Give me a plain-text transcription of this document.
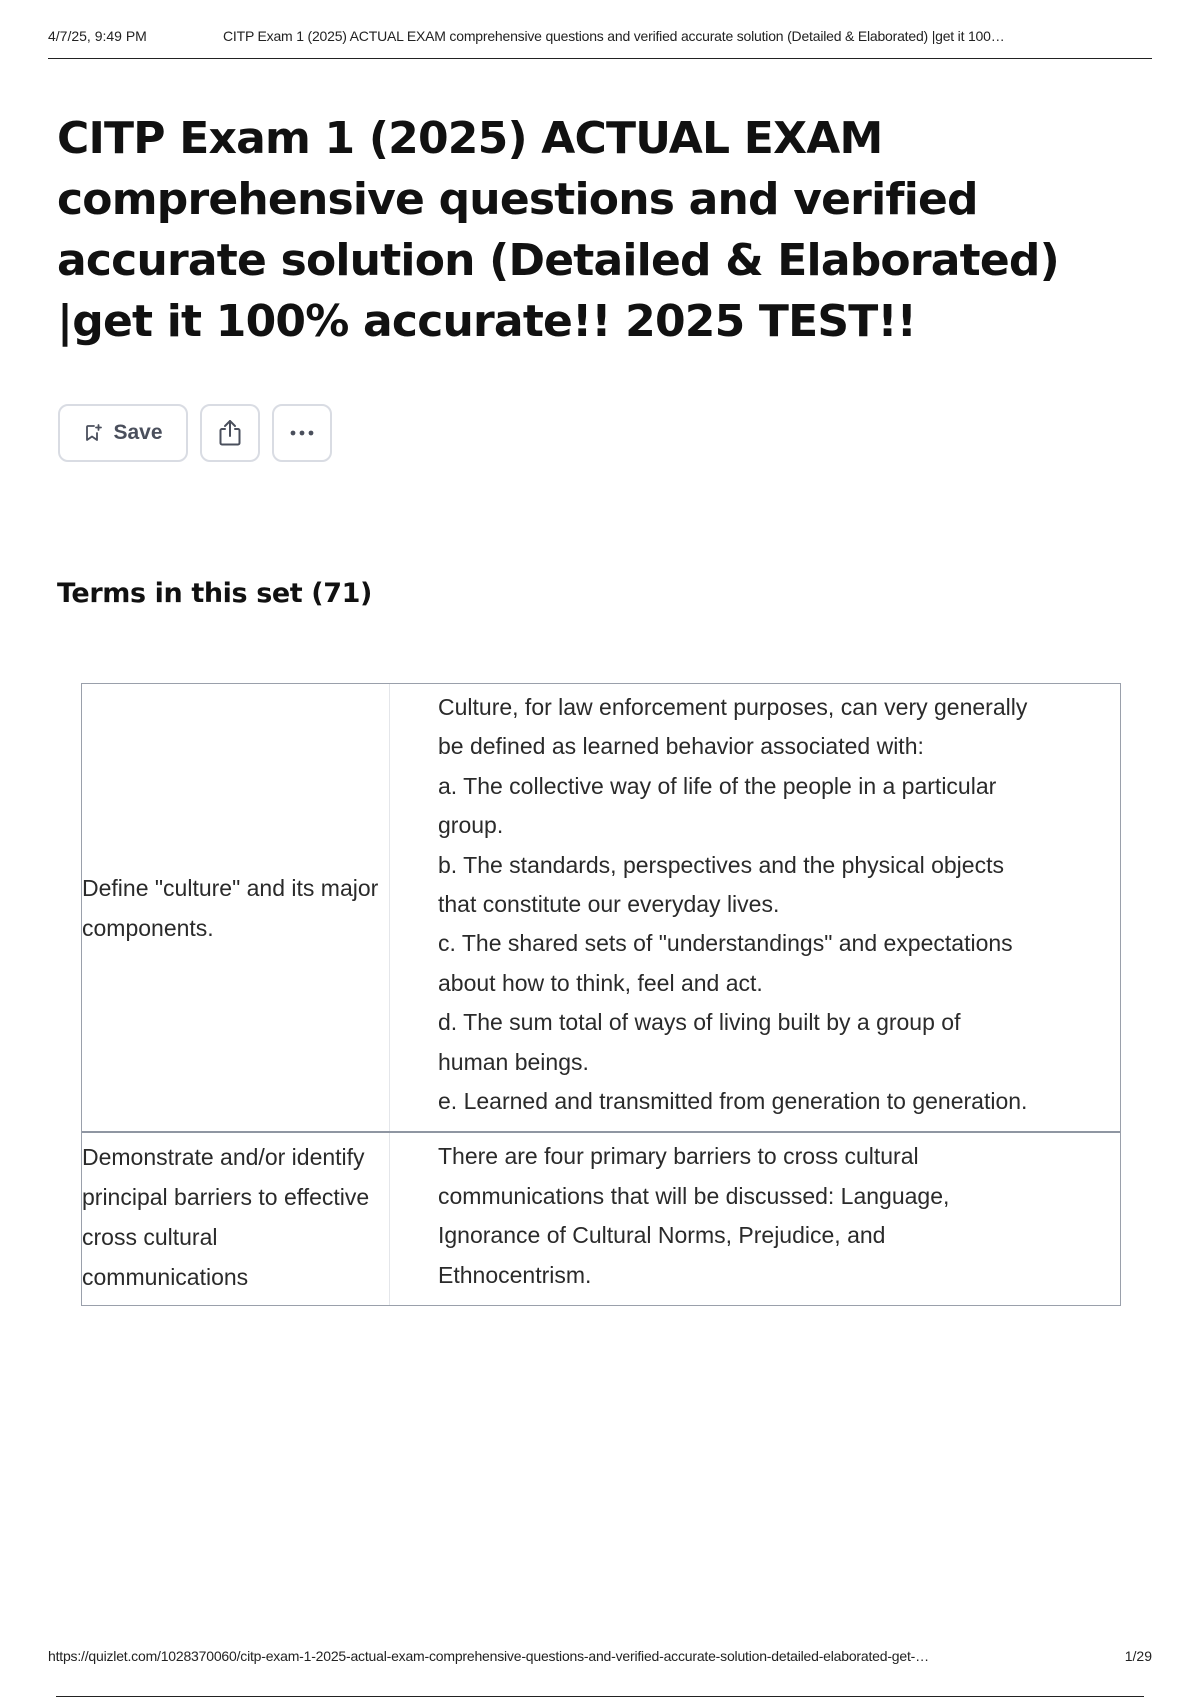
4/7/25, 9:49 PM	CITP Exam 1 (2025) ACTUAL EXAM comprehensive questions and verified accurate solution (Detailed & Elaborated) |get it 100…
CITP Exam 1 (2025) ACTUAL EXAM comprehensive questions and verified accurate solution (Detailed & Elaborated) |get it 100% accurate!! 2025 TEST!!
Save
Terms in this set (71)
Define "culture" and its major components.
Culture, for law enforcement purposes, can very generally be defined as learned behavior associated with:
a. The collective way of life of the people in a particular group.
b. The standards, perspectives and the physical objects that constitute our everyday lives.
c. The shared sets of "understandings" and expectations about how to think, feel and act.
d. The sum total of ways of living built by a group of human beings.
e. Learned and transmitted from generation to generation.
Demonstrate and/or identify principal barriers to effective cross cultural communications
There are four primary barriers to cross cultural communications that will be discussed: Language, Ignorance of Cultural Norms, Prejudice, and Ethnocentrism.
https://quizlet.com/1028370060/citp-exam-1-2025-actual-exam-comprehensive-questions-and-verified-accurate-solution-detailed-elaborated-get-…	1/29
